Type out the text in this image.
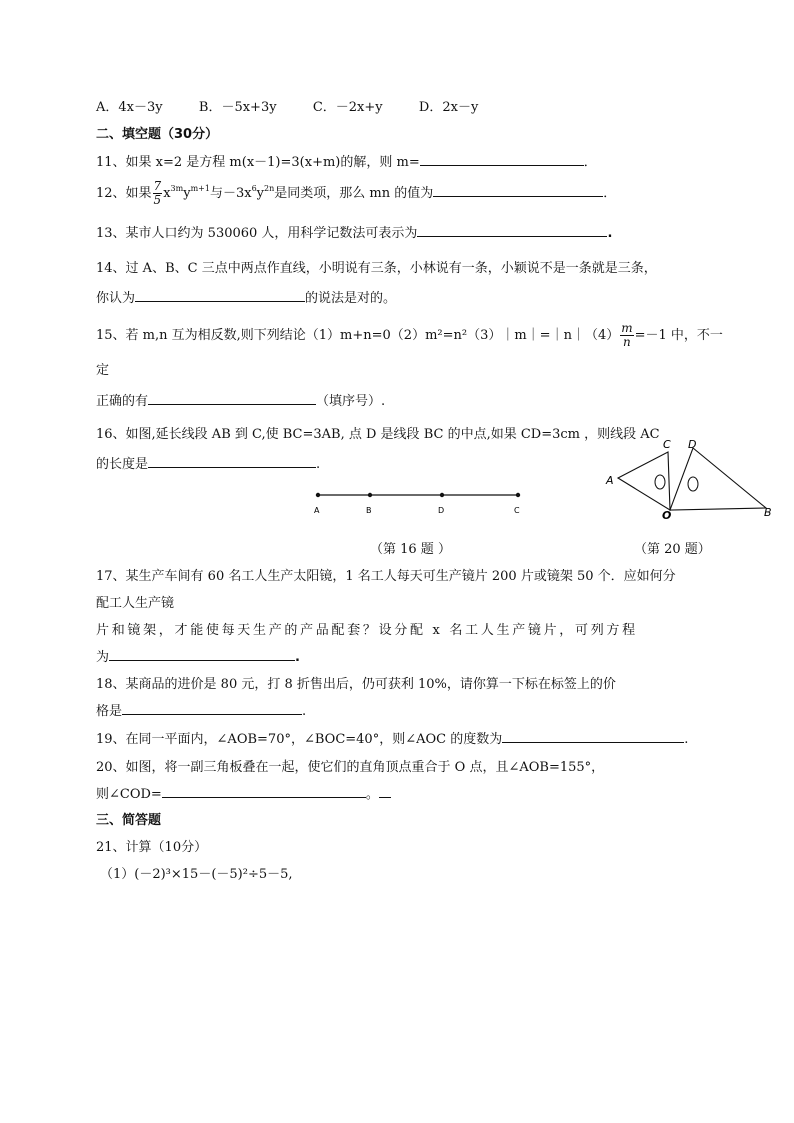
A．4x－3y	B．－5x+3y	C．－2x+y	D．2x－y
二、填空题（30分）
11、如果 x=2 是方程 m(x－1)=3(x+m)的解，则 m=	．
12、如果 $\frac{7}{5} x^{3m}y^{m+1}$与$-3x^6y^{2n}$是同类项，那么 mn 的值为	．
13、某市人口约为 530060 人，用科学记数法可表示为	.
14、过 A、B、C 三点中两点作直线，小明说有三条，小林说有一条，小颖说不是一条就是三条，
你认为	的说法是对的。
15、若 m,n 互为相反数,则下列结论（1）m+n=0（2）m²=n²（3）｜m｜=｜n｜（4） $\frac{m}{n} =-1$ 中，不一
定
正确的有	（填序号）.
16、如图,延长线段 AB 到 C,使 BC=3AB, 点 D 是线段 BC 的中点,如果 CD=3cm ，则线段 AC
的长度是	.
A	B	D	C
（第 16 题 ）
C D
A
O	B
（第 20 题）
17、某生产车间有 60 名工人生产太阳镜，1 名工人每天可生产镜片 200 片或镜架 50 个．应如何分
配工人生产镜
片和镜架，才能使每天生产的产品配套？设分配 x 名工人生产镜片，可列方程
为	.
18、某商品的进价是 80 元，打 8 折售出后，仍可获利 10%，请你算一下标在标签上的价
格是	.
19、在同一平面内，∠AOB=70°，∠BOC=40°，则∠AOC 的度数为	.
20、如图，将一副三角板叠在一起，使它们的直角顶点重合于 O 点，且∠AOB=155°，
则∠COD=	。
三、简答题
21、计算（10分）
（1）(－2)³×15－(－5)²÷5－5,
